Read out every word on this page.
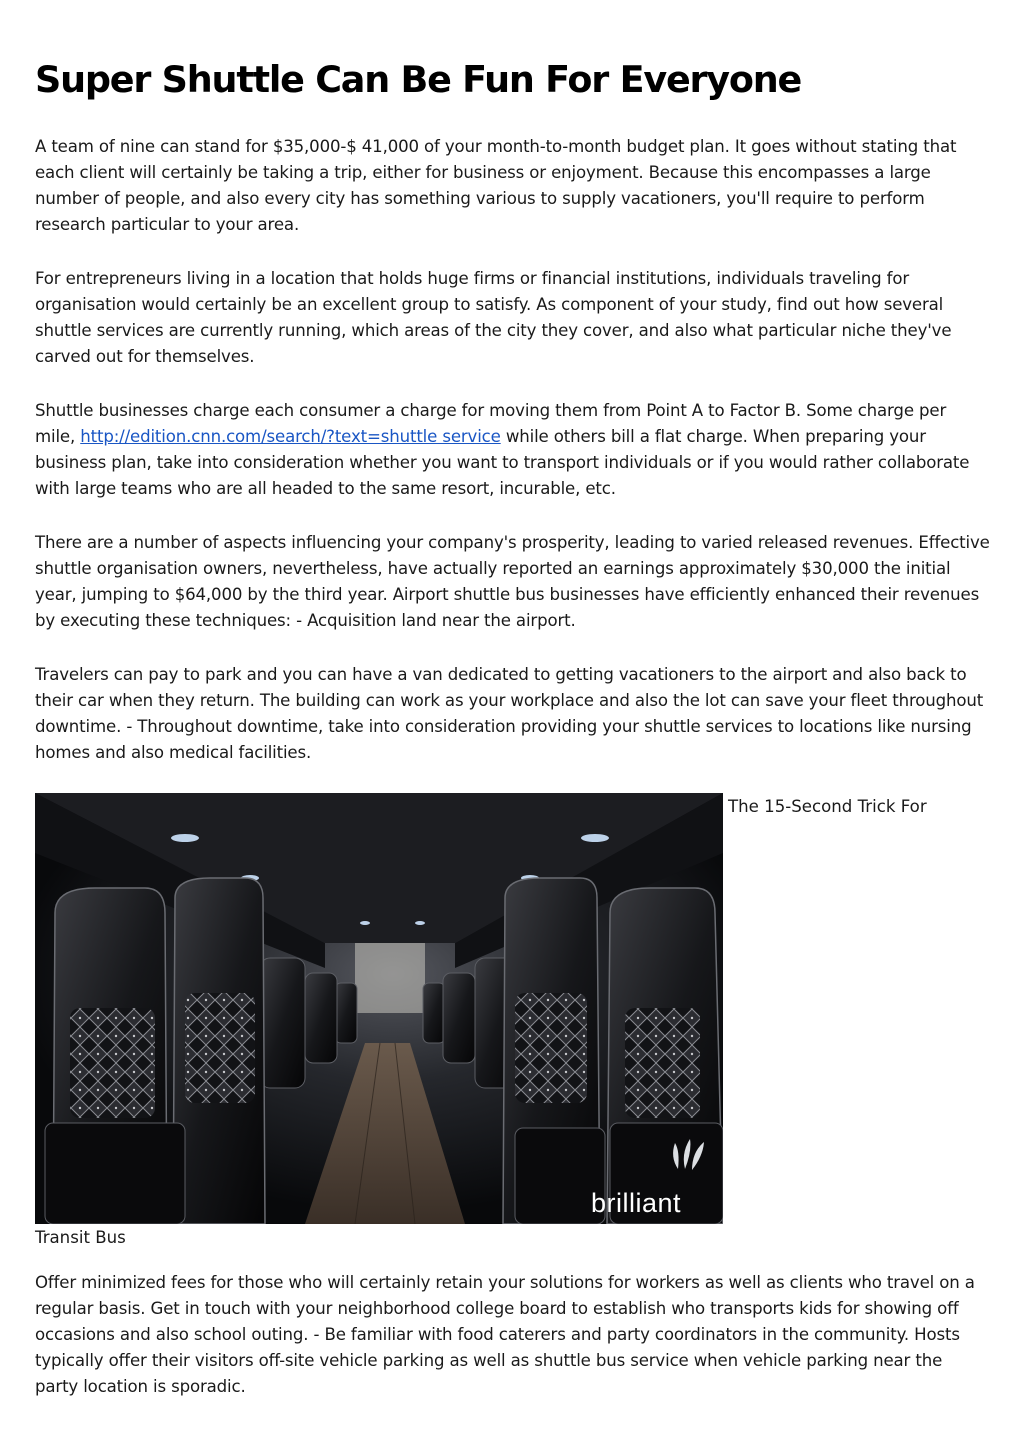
Super Shuttle Can Be Fun For Everyone

A team of nine can stand for $35,000-$ 41,000 of your month-to-month budget plan. It goes without stating that each client will certainly be taking a trip, either for business or enjoyment. Because this encompasses a large number of people, and also every city has something various to supply vacationers, you'll require to perform research particular to your area.

For entrepreneurs living in a location that holds huge firms or financial institutions, individuals traveling for organisation would certainly be an excellent group to satisfy. As component of your study, find out how several shuttle services are currently running, which areas of the city they cover, and also what particular niche they've carved out for themselves.

Shuttle businesses charge each consumer a charge for moving them from Point A to Factor B. Some charge per mile, http://edition.cnn.com/search/?text=shuttle service while others bill a flat charge. When preparing your business plan, take into consideration whether you want to transport individuals or if you would rather collaborate with large teams who are all headed to the same resort, incurable, etc.

There are a number of aspects influencing your company's prosperity, leading to varied released revenues. Effective shuttle organisation owners, nevertheless, have actually reported an earnings approximately $30,000 the initial year, jumping to $64,000 by the third year. Airport shuttle bus businesses have efficiently enhanced their revenues by executing these techniques: - Acquisition land near the airport.

Travelers can pay to park and you can have a van dedicated to getting vacationers to the airport and also back to their car when they return. The building can work as your workplace and also the lot can save your fleet throughout downtime. - Throughout downtime, take into consideration providing your shuttle services to locations like nursing homes and also medical facilities.

brilliant
The 15-Second Trick For
Transit Bus

Offer minimized fees for those who will certainly retain your solutions for workers as well as clients who travel on a regular basis. Get in touch with your neighborhood college board to establish who transports kids for showing off occasions and also school outing. - Be familiar with food caterers and party coordinators in the community. Hosts typically offer their visitors off-site vehicle parking as well as shuttle bus service when vehicle parking near the party location is sporadic.
